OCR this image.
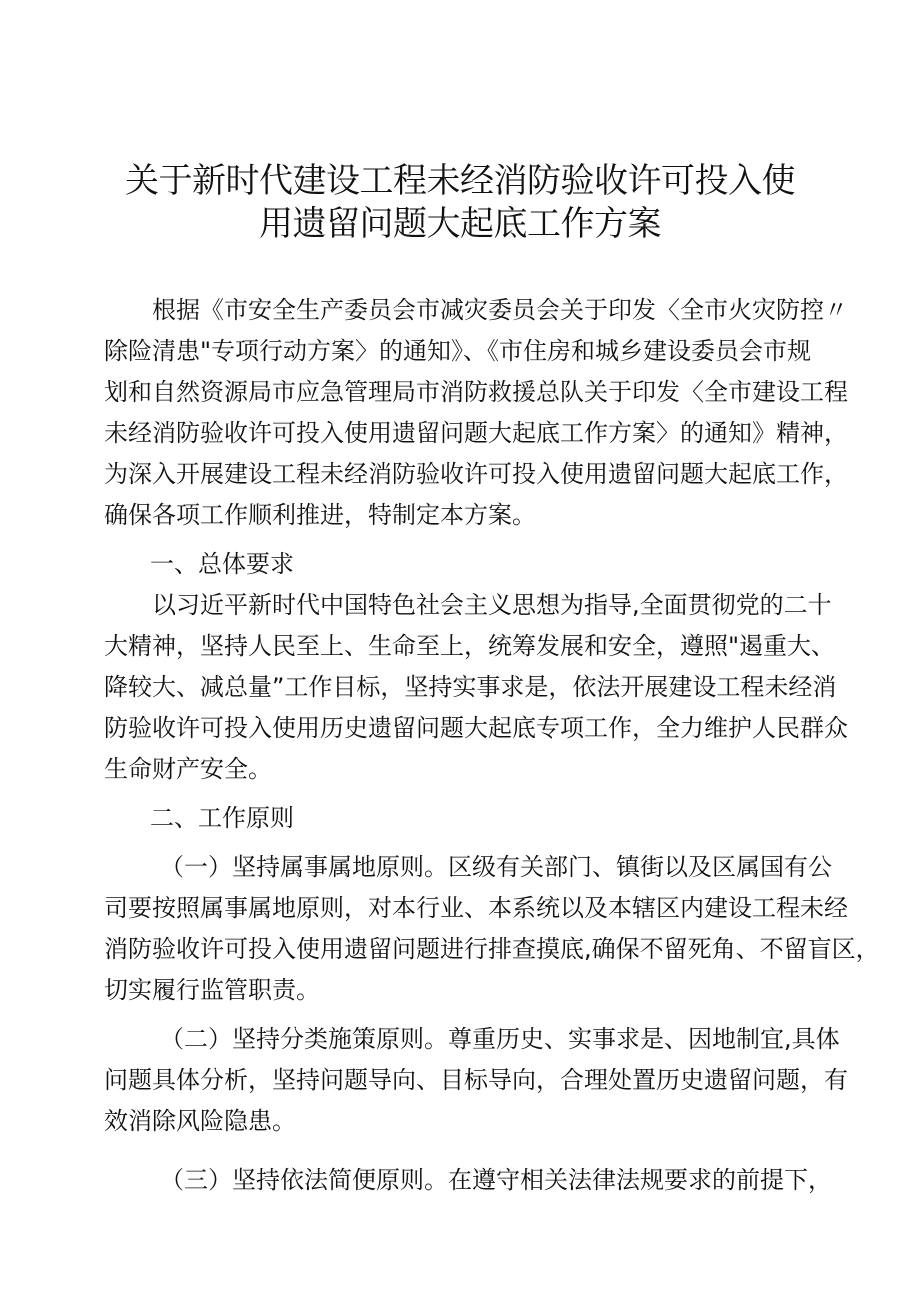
关于新时代建设工程未经消防验收许可投入使
用遗留问题大起底工作方案
根据《市安全生产委员会市减灾委员会关于印发〈全市火灾防控〃
除险清患"专项行动方案〉的通知》、《市住房和城乡建设委员会市规
划和自然资源局市应急管理局市消防救援总队关于印发〈全市建设工程
未经消防验收许可投入使用遗留问题大起底工作方案〉的通知》精神，
为深入开展建设工程未经消防验收许可投入使用遗留问题大起底工作，
确保各项工作顺利推进，特制定本方案。
一、总体要求
以习近平新时代中国特色社会主义思想为指导,全面贯彻党的二十
大精神，坚持人民至上、生命至上，统筹发展和安全，遵照"遏重大、
降较大、减总量”工作目标，坚持实事求是，依法开展建设工程未经消
防验收许可投入使用历史遗留问题大起底专项工作，全力维护人民群众
生命财产安全。
二、工作原则
（一）坚持属事属地原则。区级有关部门、镇街以及区属国有公
司要按照属事属地原则，对本行业、本系统以及本辖区内建设工程未经
消防验收许可投入使用遗留问题进行排查摸底,确保不留死角、不留盲区，
切实履行监管职责。
（二）坚持分类施策原则。尊重历史、实事求是、因地制宜,具体
问题具体分析，坚持问题导向、目标导向，合理处置历史遗留问题，有
效消除风险隐患。
（三）坚持依法简便原则。在遵守相关法律法规要求的前提下，
